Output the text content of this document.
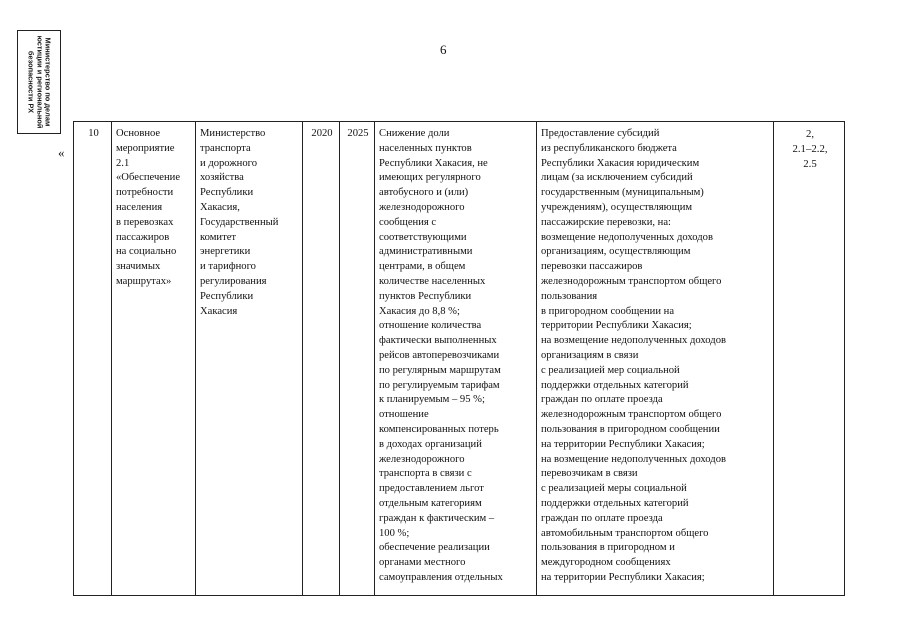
Министерство по делам
юстиции и региональной
безопасности РХ
6
«
10	Основное
мероприятие
2.1
«Обеспечение
потребности
населения
в перевозках
пассажиров
на социально
значимых
маршрутах»	Министерство
транспорта
и дорожного
хозяйства
Республики
Хакасия,
Государственный
комитет
энергетики
и тарифного
регулирования
Республики
Хакасия	2020	2025	Снижение доли
населенных пунктов
Республики Хакасия, не
имеющих регулярного
автобусного и (или)
железнодорожного
сообщения с
соответствующими
административными
центрами, в общем
количестве населенных
пунктов Республики
Хакасия до 8,8 %;
отношение количества
фактически выполненных
рейсов автоперевозчиками
по регулярным маршрутам
по регулируемым тарифам
к планируемым – 95 %;
отношение
компенсированных потерь
в доходах организаций
железнодорожного
транспорта в связи с
предоставлением льгот
отдельным категориям
граждан к фактическим –
100 %;
обеспечение реализации
органами местного
самоуправления отдельных	Предоставление субсидий
из республиканского бюджета
Республики Хакасия юридическим
лицам (за исключением субсидий
государственным (муниципальным)
учреждениям), осуществляющим
пассажирские перевозки, на:
возмещение недополученных доходов
организациям, осуществляющим
перевозки пассажиров
железнодорожным транспортом общего
пользования
в пригородном сообщении на
территории Республики Хакасия;
на возмещение недополученных доходов
организациям в связи
с реализацией мер социальной
поддержки отдельных категорий
граждан по оплате проезда
железнодорожным транспортом общего
пользования в пригородном сообщении
на территории Республики Хакасия;
на возмещение недополученных доходов
перевозчикам в связи
с реализацией меры социальной
поддержки отдельных категорий
граждан по оплате проезда
автомобильным транспортом общего
пользования в пригородном и
междугородном сообщениях
на территории Республики Хакасия;	2,
2.1–2.2,
2.5
